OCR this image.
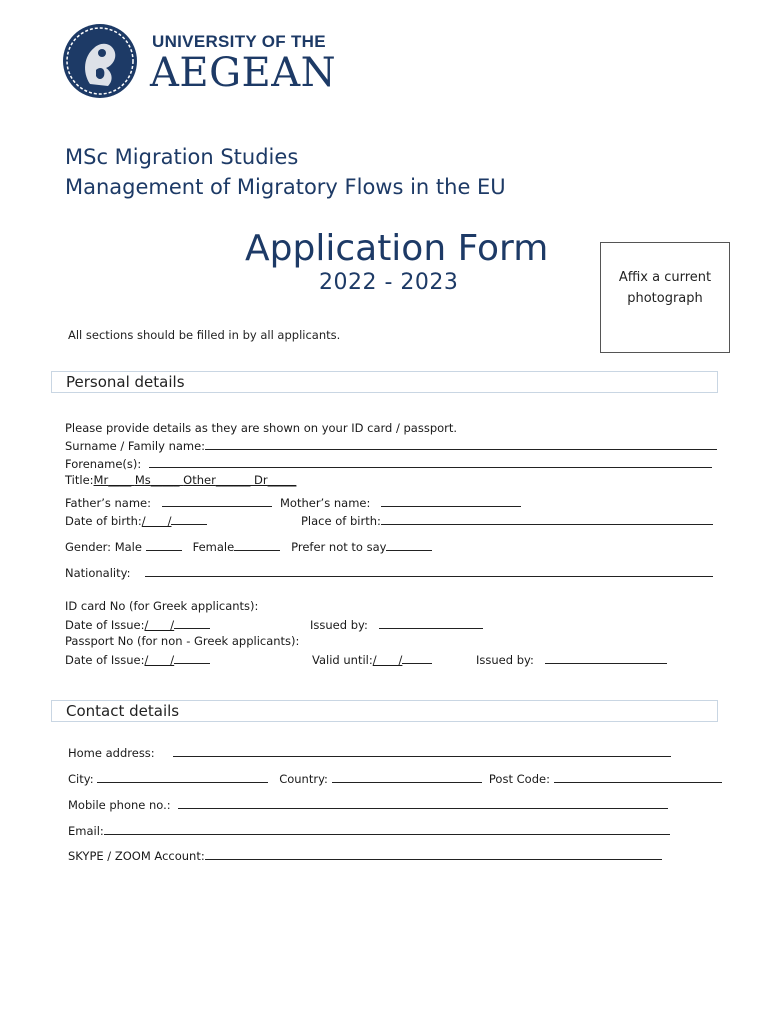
UNIVERSITY OF THE
AEGEAN
MSc Migration Studies
Management of Migratory Flows in the EU
Application Form
2022 - 2023	Affix a current
photograph
All sections should be filled in by all applicants.
Personal details
Please provide details as they are shown on your ID card / passport.
Surname / Family name:
Forename(s):
Title:Mr____ Ms_____ Other______ Dr_____
Father’s name:	Mother’s name:
Date of birth:/      /	Place of birth:
Gender: Male	Female	Prefer not to say
Nationality:
ID card No (for Greek applicants):
Date of Issue:/      /	Issued by:
Passport No (for non - Greek applicants):
Date of Issue:/      /	Valid until:/      /	Issued by:
Contact details
Home address:
City:	Country:	Post Code:
Mobile phone no.:
Email:
SKYPE / ZOOM Account:
